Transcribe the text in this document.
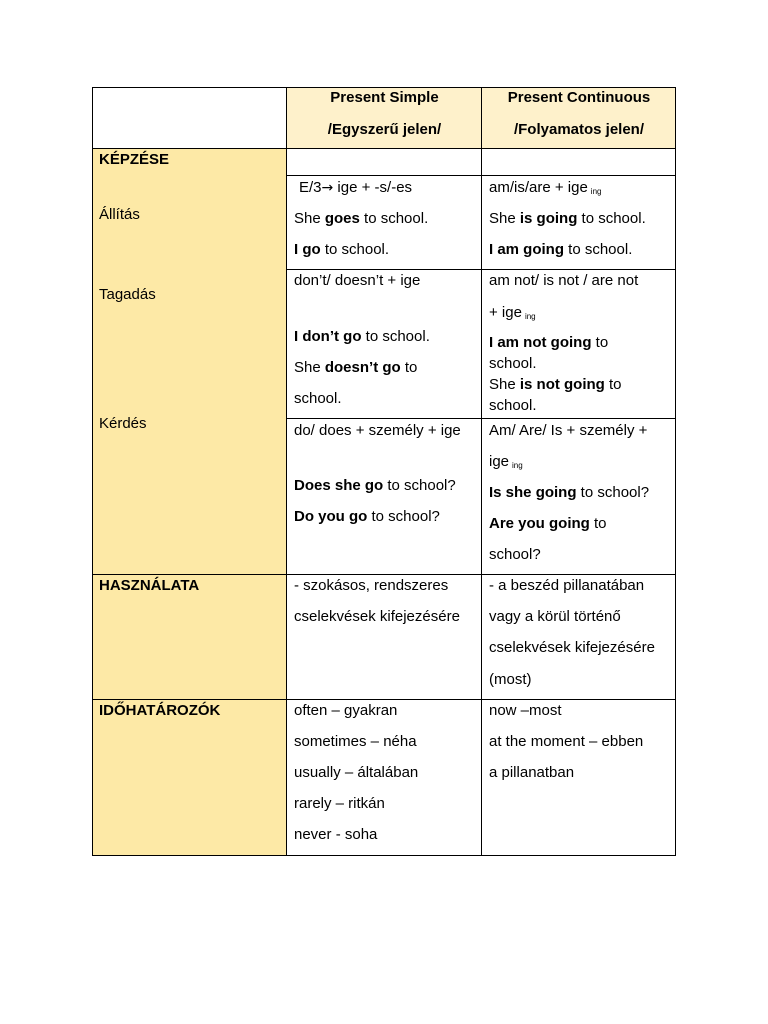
Present Simple
/Egyszerű jelen/
Present Continuous
/Folyamatos jelen/
KÉPZÉSE
Állítás
Tagadás
Kérdés
HASZNÁLATA
IDŐHATÁROZÓK
E/3→ ige + -s/-es
She goes to school.
I go to school.
am/is/are + ige $_{ing}$
She is going to school.
I am going to school.
don’t/ doesn’t + ige
I don’t go to school.
She doesn’t go to
school.
am not/ is not / are not
+ ige $_{ing}$
I am not going to
school.
She is not going to
school.
do/ does + személy + ige
Does she go to school?
Do you go to school?
Am/ Are/ Is + személy +
ige $_{ing}$
Is she going to school?
Are you going to
school?
- szokásos, rendszeres
cselekvések kifejezésére
- a beszéd pillanatában
vagy a körül történő
cselekvések kifejezésére
(most)
often – gyakran
sometimes – néha
usually – általában
rarely – ritkán
never - soha
now –most
at the moment – ebben
a pillanatban
